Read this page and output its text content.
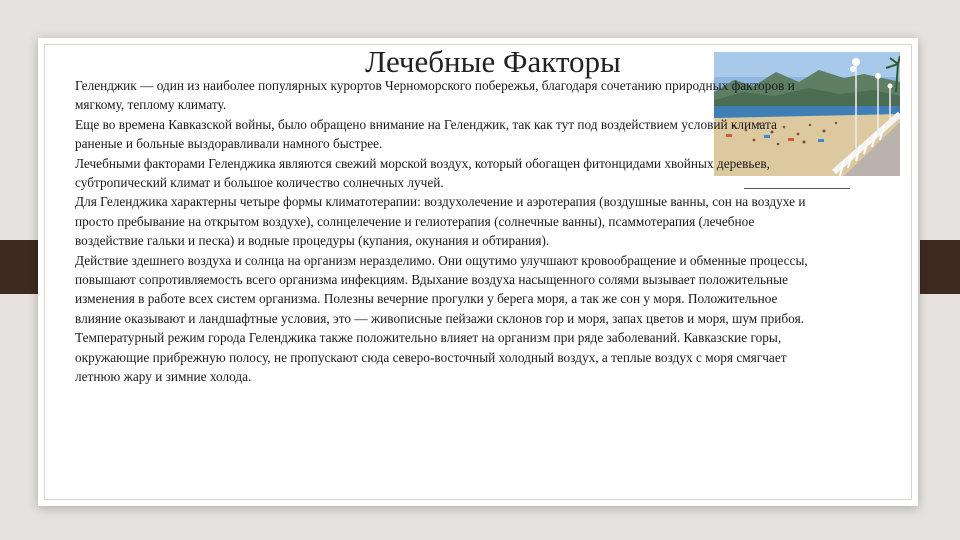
Лечебные Факторы

Геленджик — один из наиболее популярных курортов Черноморского побережья, благодаря сочетанию природных факторов и мягкому, теплому климату.

Еще во времена Кавказской войны, было обращено внимание на Геленджик, так как тут под воздействием условий климата раненые и больные выздоравливали намного быстрее.

Лечебными факторами Геленджика являются свежий морской воздух, который обогащен фитонцидами хвойных деревьев, субтропический климат и большое количество солнечных лучей.

Для Геленджика характерны четыре формы климатотерапии: воздухолечение и аэротерапия (воздушные ванны, сон на воздухе и просто пребывание на открытом воздухе), солнцелечение и гелиотерапия (солнечные ванны), псаммотерапия (лечебное воздействие гальки и песка) и водные процедуры (купания, окунания и обтирания).

Действие здешнего воздуха и солнца на организм неразделимо. Они ощутимо улучшают кровообращение и обменные процессы, повышают сопротивляемость всего организма инфекциям. Вдыхание воздуха насыщенного солями вызывает положительные изменения в работе всех систем организма. Полезны вечерние прогулки у берега моря, а так же сон у моря. Положительное влияние оказывают и ландшафтные условия, это — живописные пейзажи склонов гор и моря, запах цветов и моря, шум прибоя.

Температурный режим города Геленджика также положительно влияет на организм при ряде заболеваний. Кавказские горы, окружающие прибрежную полосу, не пропускают сюда северо-восточный холодный воздух, а теплые воздух с моря смягчает летнюю жару и зимние холода.
